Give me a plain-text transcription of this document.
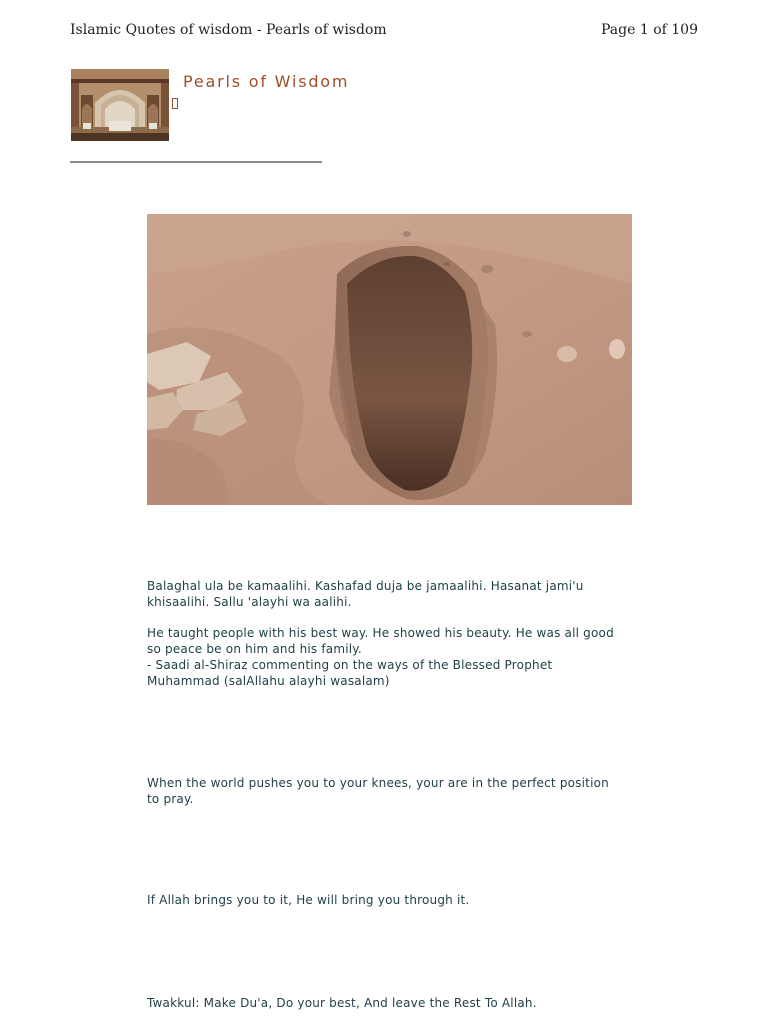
Islamic Quotes of wisdom - Pearls of wisdom	Page 1 of 109
Pearls of Wisdom

Balaghal ula be kamaalihi. Kashafad duja be jamaalihi. Hasanat jami'u khisaalihi. Sallu 'alayhi wa aalihi.

He taught people with his best way. He showed his beauty. He was all good so peace be on him and his family.
- Saadi al-Shiraz commenting on the ways of the Blessed Prophet Muhammad (salAllahu alayhi wasalam)

When the world pushes you to your knees, your are in the perfect position to pray.

If Allah brings you to it, He will bring you through it.

Twakkul: Make Du'a, Do your best, And leave the Rest To Allah.
